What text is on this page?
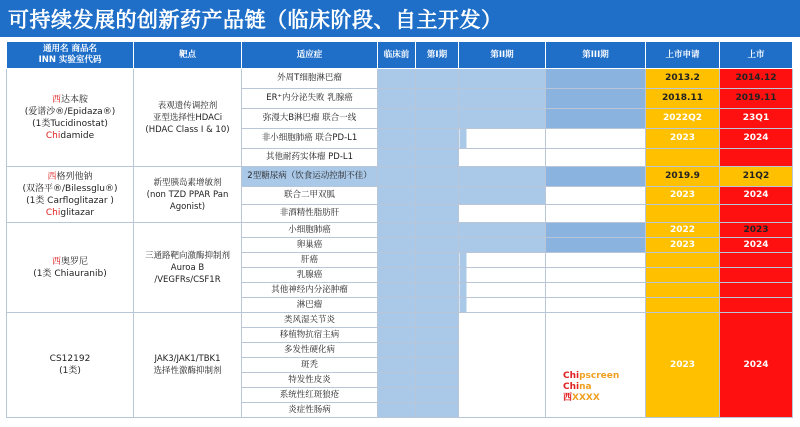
可持续发展的创新药产品链（临床阶段、自主开发）
通用名 商品名
INN 实验室代码	靶点	适应症	临床前	第I期	第II期	第III期	上市申请	上市
西达本胺
(爱谱沙®/Epidaza®)
(1类Tucidinostat)
Chidamide	表观遗传调控剂
亚型选择性HDACi
(HDAC Class I & 10)	外周T细胞淋巴瘤					2013.2	2014.12
		ER⁺内分泌失败 乳腺癌					2018.11	2019.11
		弥漫大B淋巴瘤 联合一线					2022Q2	23Q1
		非小细胞肺癌 联合PD-L1					2023	2024
		其他耐药实体瘤 PD-L1						
西格列他钠
(双洛平®/Bilessglu®)
(1类 Carfloglitazar )
Chiglitazar	新型胰岛素增敏剂
(non TZD PPAR Pan
Agonist)	2型糖尿病（饮食运动控制不佳）					2019.9	21Q2
		联合二甲双胍					2023	2024
		非酒精性脂肪肝						
西奥罗尼
(1类 Chiauranib)	三通路靶向激酶抑制剂
Auroa B
/VEGFRs/CSF1R	小细胞肺癌					2022	2023
		卵巢癌					2023	2024
		肝癌						
		乳腺癌						
		其他神经内分泌肿瘤						
		淋巴瘤						
CS12192
(1类)	JAK3/JAK1/TBK1
选择性激酶抑制剂	类风湿关节炎					2023	2024
		移植物抗宿主病						
		多发性硬化病						
		斑秃						
		特发性皮炎						
		系统性红斑狼疮						
		炎症性肠病						
Chipscreen
China
西XXXX
